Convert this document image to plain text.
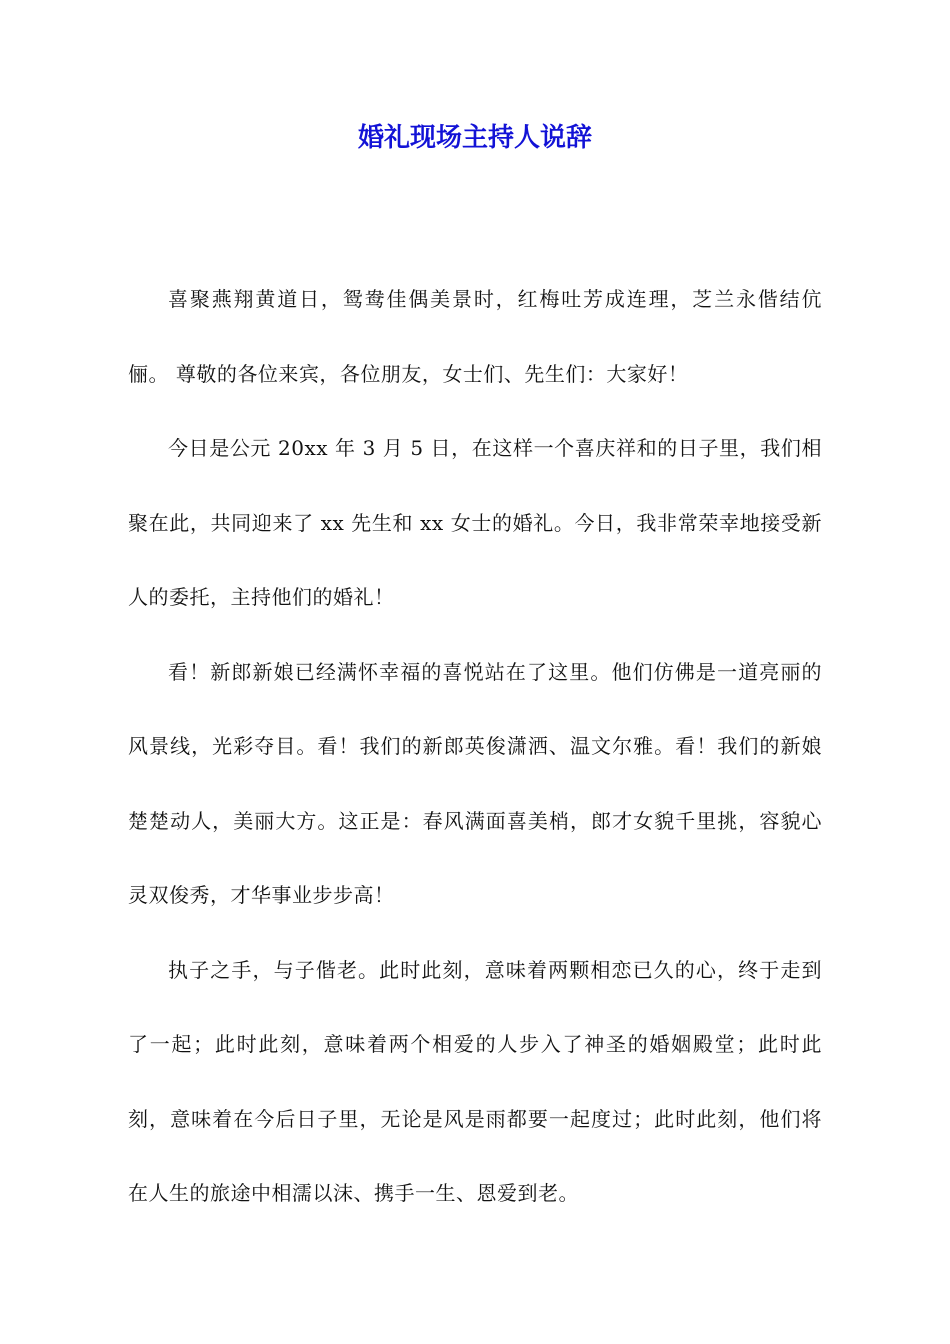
婚礼现场主持人说辞

喜聚燕翔黄道日，鸳鸯佳偶美景时，红梅吐芳成连理，芝兰永偕结伉俪。 尊敬的各位来宾，各位朋友，女士们、先生们：大家好！

今日是公元 20xx 年 3 月 5 日，在这样一个喜庆祥和的日子里，我们相聚在此，共同迎来了 xx 先生和 xx 女士的婚礼。今日，我非常荣幸地接受新人的委托，主持他们的婚礼！

看！新郎新娘已经满怀幸福的喜悦站在了这里。他们仿佛是一道亮丽的风景线，光彩夺目。看！我们的新郎英俊潇洒、温文尔雅。看！我们的新娘楚楚动人，美丽大方。这正是：春风满面喜美梢，郎才女貌千里挑，容貌心灵双俊秀，才华事业步步高！

执子之手，与子偕老。此时此刻，意味着两颗相恋已久的心，终于走到了一起；此时此刻，意味着两个相爱的人步入了神圣的婚姻殿堂；此时此刻，意味着在今后日子里，无论是风是雨都要一起度过；此时此刻，他们将在人生的旅途中相濡以沫、携手一生、恩爱到老。
